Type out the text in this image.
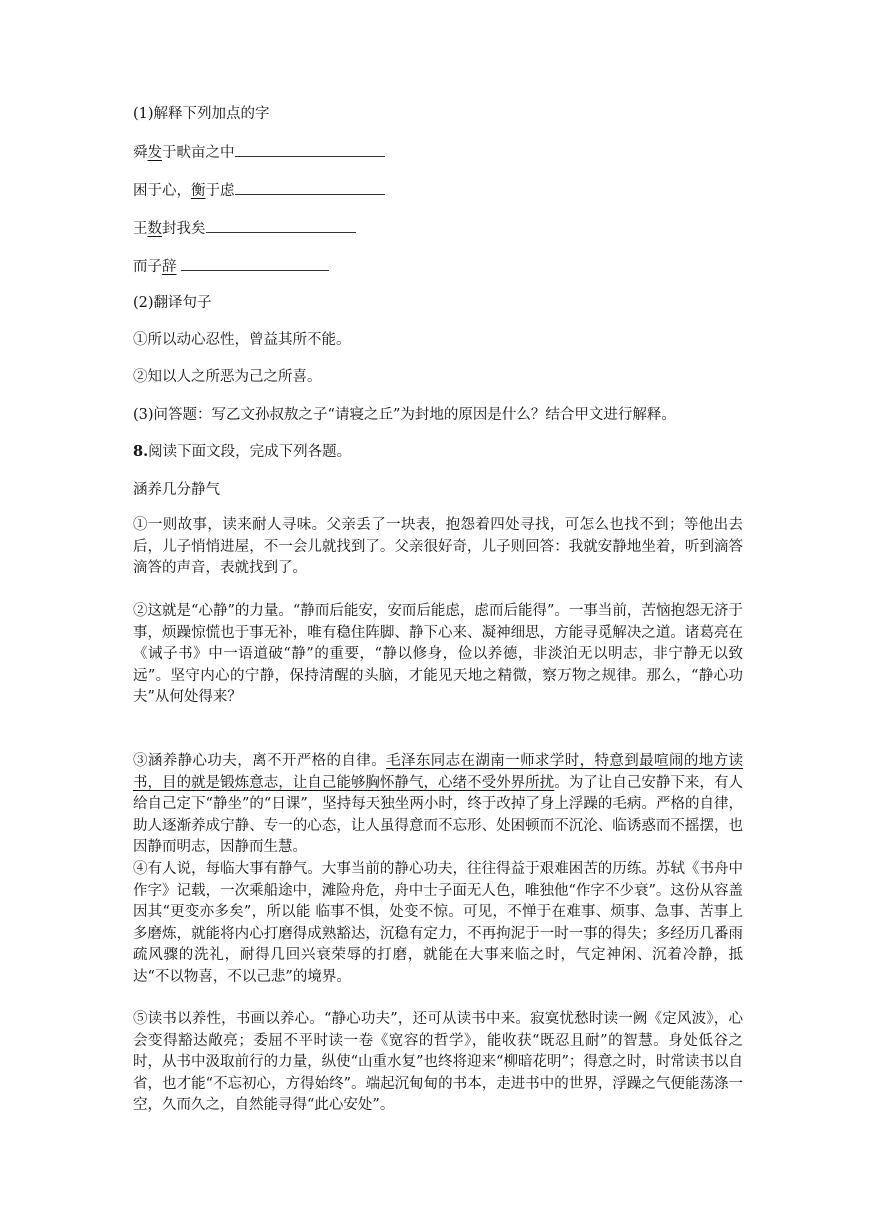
(1)解释下列加点的字
舜发于畎亩之中
困于心，衡于虑
王数封我矣
而子辞
(2)翻译句子
①所以动心忍性，曾益其所不能。
②知以人之所恶为己之所喜。
(3)问答题：写乙文孙叔敖之子“请寝之丘”为封地的原因是什么？结合甲文进行解释。
8.阅读下面文段，完成下列各题。
涵养几分静气

①一则故事，读来耐人寻味。父亲丢了一块表，抱怨着四处寻找，可怎么也找不到；等他出去后，儿子悄悄进屋，不一会儿就找到了。父亲很好奇，儿子则回答：我就安静地坐着，听到滴答滴答的声音，表就找到了。

②这就是“心静”的力量。“静而后能安，安而后能虑，虑而后能得”。一事当前，苦恼抱怨无济于事，烦躁惊慌也于事无补，唯有稳住阵脚、静下心来、凝神细思，方能寻觅解决之道。诸葛亮在《诫子书》中一语道破“静”的重要，“静以修身，俭以养德，非淡泊无以明志，非宁静无以致远”。坚守内心的宁静，保持清醒的头脑，才能见天地之精微，察万物之规律。那么，“静心功夫”从何处得来？

③涵养静心功夫，离不开严格的自律。毛泽东同志在湖南一师求学时，特意到最喧闹的地方读书，目的就是锻炼意志，让自己能够胸怀静气，心绪不受外界所扰。为了让自己安静下来，有人给自己定下“静坐”的“日课”，坚持每天独坐两小时，终于改掉了身上浮躁的毛病。严格的自律，助人逐渐养成宁静、专一的心态，让人虽得意而不忘形、处困顿而不沉沦、临诱惑而不摇摆，也因静而明志，因静而生慧。

④有人说，每临大事有静气。大事当前的静心功夫，往往得益于艰难困苦的历练。苏轼《书舟中作字》记载，一次乘船途中，滩险舟危，舟中士子面无人色，唯独他“作字不少衰”。这份从容盖因其“更变亦多矣”，所以能 临事不惧，处变不惊。可见，不惮于在难事、烦事、急事、苦事上多磨炼，就能将内心打磨得成熟豁达，沉稳有定力，不再拘泥于一时一事的得失；多经历几番雨疏风骤的洗礼，耐得几回兴衰荣辱的打磨，就能在大事来临之时，气定神闲、沉着冷静，抵达“不以物喜，不以己悲”的境界。

⑤读书以养性，书画以养心。“静心功夫”，还可从读书中来。寂寞忧愁时读一阙《定风波》，心会变得豁达敞亮；委屈不平时读一卷《宽容的哲学》，能收获“既忍且耐”的智慧。身处低谷之时，从书中汲取前行的力量，纵使“山重水复”也终将迎来“柳暗花明”；得意之时，时常读书以自省，也才能“不忘初心，方得始终”。端起沉甸甸的书本，走进书中的世界，浮躁之气便能荡涤一空，久而久之，自然能寻得“此心安处”。
